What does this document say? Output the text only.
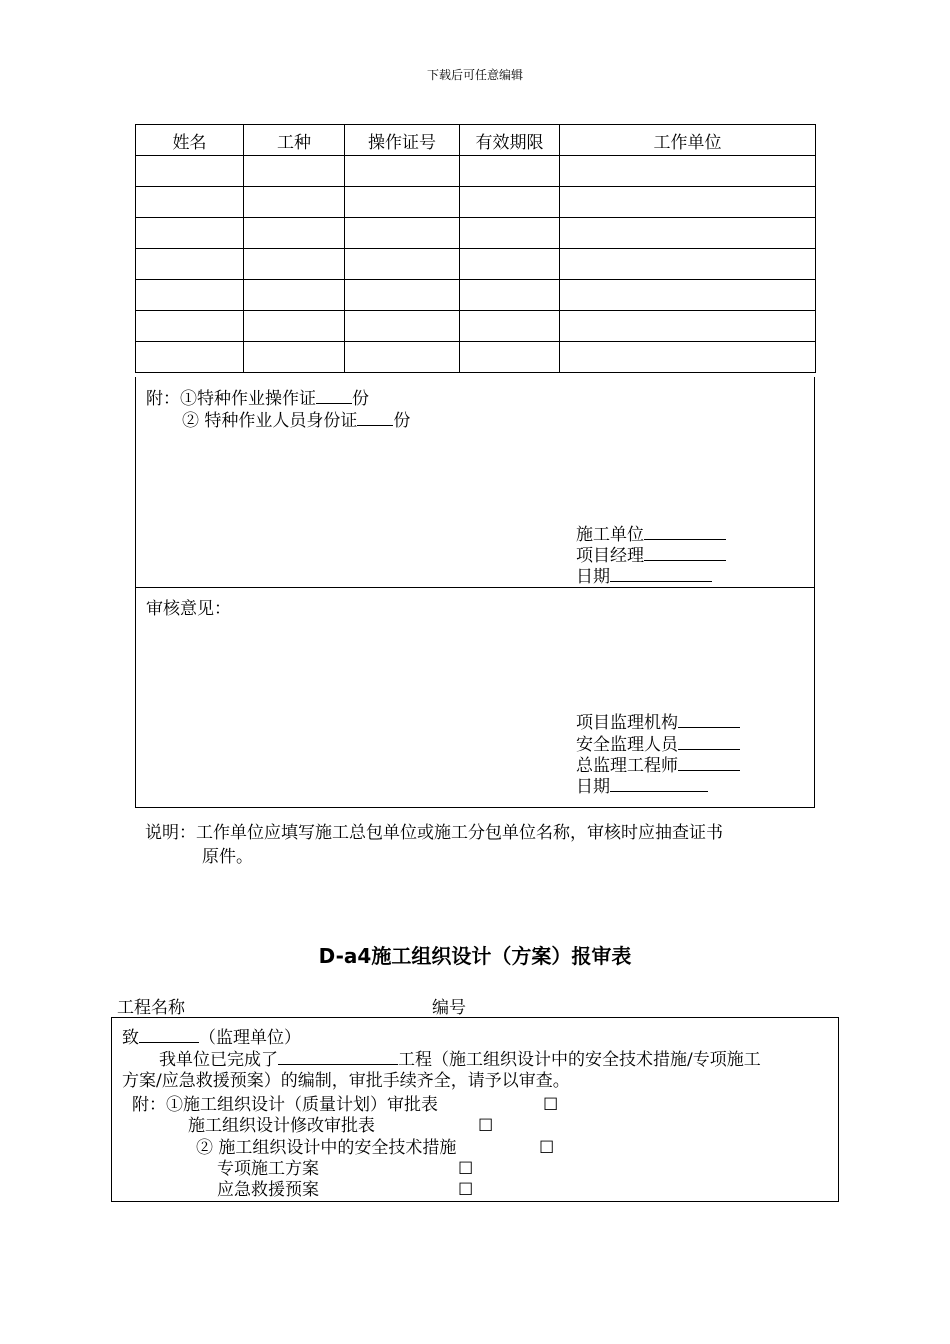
下载后可任意编辑
姓名	工种	操作证号	有效期限	工作单位

附：①特种作业操作证 份
② 特种作业人员身份证 份
施工单位
项目经理
日期
审核意见：
项目监理机构
安全监理人员
总监理工程师
日期
说明：工作单位应填写施工总包单位或施工分包单位名称，审核时应抽查证书
原件。
D-a4施工组织设计（方案）报审表
工程名称	编号
致	（监理单位）
我单位已完成了	工程（施工组织设计中的安全技术措施/专项施工
方案/应急救援预案）的编制，审批手续齐全，请予以审查。
附：①施工组织设计（质量计划）审批表	☐
施工组织设计修改审批表	☐
② 施工组织设计中的安全技术措施	☐
专项施工方案	☐
应急救援预案	☐
